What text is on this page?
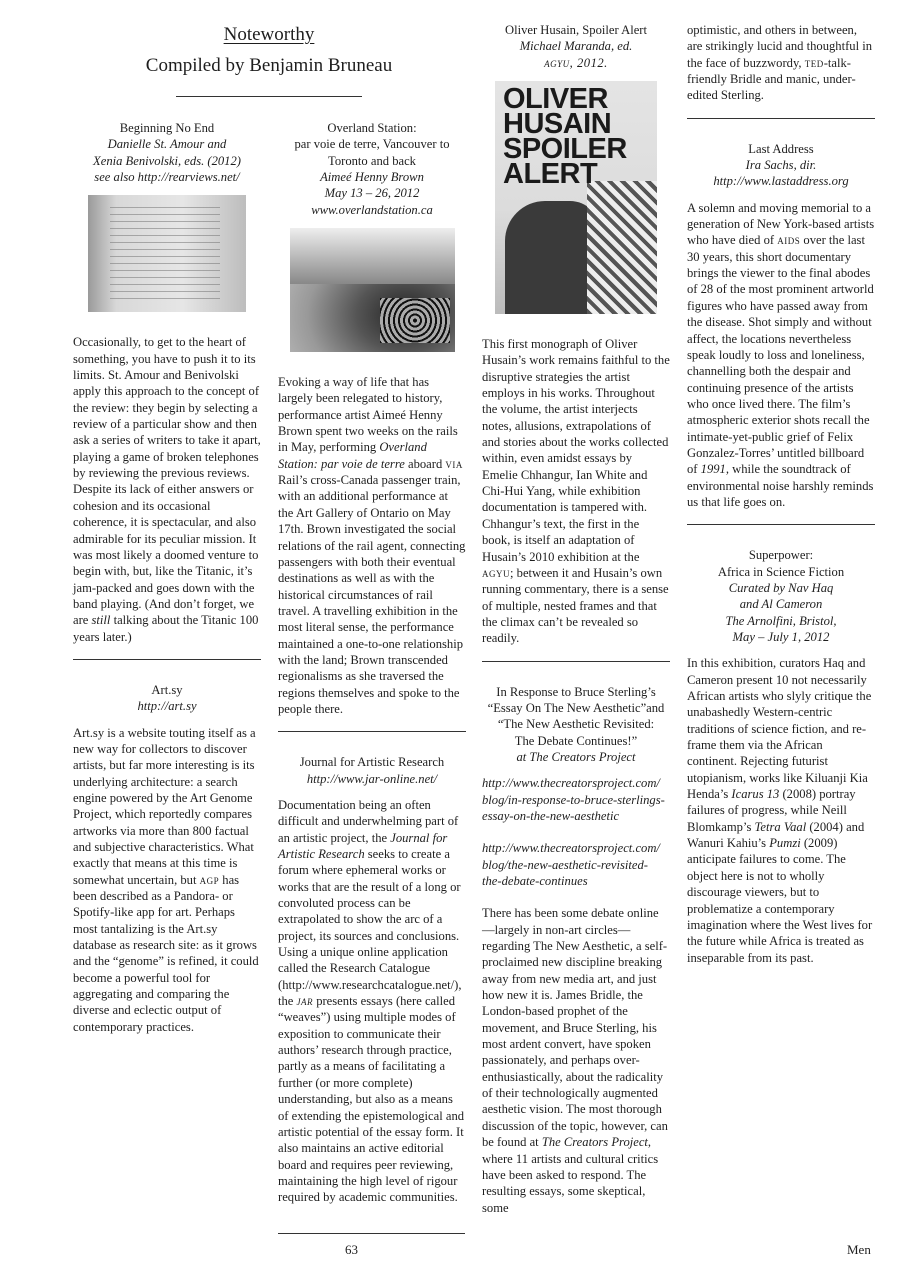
Noteworthy
Compiled by Benjamin Bruneau
Beginning No End
Danielle St. Amour and
Xenia Benivolski, eds. (2012)
see also http://rearviews.net/
Occasionally, to get to the heart of something, you have to push it to its limits. St. Amour and Benivolski apply this approach to the concept of the review: they begin by selecting a review of a particular show and then ask a series of writers to take it apart, playing a game of broken telephones by reviewing the previous reviews. Despite its lack of either answers or cohesion and its occasional coherence, it is spectacular, and also admirable for its peculiar mission. It was most likely a doomed venture to begin with, but, like the Titanic, it’s jam-packed and goes down with the band playing. (And don’t forget, we are still talking about the Titanic 100 years later.)
Art.sy
http://art.sy
Art.sy is a website touting itself as a new way for collectors to discover artists, but far more interesting is its underlying architecture: a search engine powered by the Art Genome Project, which reportedly compares artworks via more than 800 factual and subjective characteristics. What exactly that means at this time is somewhat uncertain, but agp has been described as a Pandora- or Spotify-like app for art. Perhaps most tantalizing is the Art.sy database as research site: as it grows and the “genome” is refined, it could become a powerful tool for aggregating and comparing the diverse and eclectic output of contemporary practices.
Overland Station:
par voie de terre, Vancouver to
Toronto and back
Aimeé Henny Brown
May 13 – 26, 2012
www.overlandstation.ca
Evoking a way of life that has largely been relegated to history, performance artist Aimeé Henny Brown spent two weeks on the rails in May, performing Overland Station: par voie de terre aboard via Rail’s cross-Canada passenger train, with an additional performance at the Art Gallery of Ontario on May 17th. Brown investigated the social relations of the rail agent, connecting passengers with both their eventual destinations as well as with the historical circumstances of rail travel. A travelling exhibition in the most literal sense, the performance maintained a one-to-one relationship with the land; Brown transcended regionalisms as she traversed the regions themselves and spoke to the people there.
Journal for Artistic Research
http://www.jar-online.net/
Documentation being an often difficult and underwhelming part of an artistic project, the Journal for Artistic Research seeks to create a forum where ephemeral works or works that are the result of a long or convoluted process can be extrapolated to show the arc of a project, its sources and conclusions. Using a unique online application called the Research Catalogue (http://www.researchcatalogue.net/), the jar presents essays (here called “weaves”) using multiple modes of exposition to communicate their authors’ research through practice, partly as a means of facilitating a further (or more complete) understanding, but also as a means of extending the epistemological and artistic potential of the essay form. It also maintains an active editorial board and requires peer reviewing, maintaining the high level of rigour required by academic communities.
Oliver Husain, Spoiler Alert
Michael Maranda, ed.
agyu, 2012.
OLIVER
HUSAIN
SPOILER
ALERT
This first monograph of Oliver Husain’s work remains faithful to the disruptive strategies the artist employs in his works. Throughout the volume, the artist interjects notes, allusions, extrapolations of and stories about the works collected within, even amidst essays by Emelie Chhangur, Ian White and Chi-Hui Yang, while exhibition documentation is tampered with. Chhangur’s text, the first in the book, is itself an adaptation of Husain’s 2010 exhibition at the agyu; between it and Husain’s own running commentary, there is a sense of multiple, nested frames and that the climax can’t be revealed so readily.
In Response to Bruce Sterling’s
“Essay On The New Aesthetic”and
“The New Aesthetic Revisited:
The Debate Continues!”
at The Creators Project
http://www.thecreatorsproject.com/
blog/in-response-to-bruce-sterlings-
essay-on-the-new-aesthetic
http://www.thecreatorsproject.com/
blog/the-new-aesthetic-revisited-
the-debate-continues
There has been some debate online—largely in non-art circles—regarding The New Aesthetic, a self-proclaimed new discipline breaking away from new media art, and just how new it is. James Bridle, the London-based prophet of the movement, and Bruce Sterling, his most ardent convert, have spoken passionately, and perhaps over-enthusiastically, about the radicality of their technologically augmented aesthetic vision. The most thorough discussion of the topic, however, can be found at The Creators Project, where 11 artists and cultural critics have been asked to respond. The resulting essays, some skeptical, some
optimistic, and others in between, are strikingly lucid and thoughtful in the face of buzzwordy, ted-talk-friendly Bridle and manic, under-edited Sterling.
Last Address
Ira Sachs, dir.
http://www.lastaddress.org
A solemn and moving memorial to a generation of New York-based artists who have died of aids over the last 30 years, this short documentary brings the viewer to the final abodes of 28 of the most prominent artworld figures who have passed away from the disease. Shot simply and without affect, the locations nevertheless speak loudly to loss and loneliness, channelling both the despair and continuing presence of the artists who once lived there. The film’s atmospheric exterior shots recall the intimate-yet-public grief of Felix Gonzalez-Torres’ untitled billboard of 1991, while the soundtrack of environmental noise harshly reminds us that life goes on.
Superpower:
Africa in Science Fiction
Curated by Nav Haq
and Al Cameron
The Arnolfini, Bristol,
May – July 1, 2012
In this exhibition, curators Haq and Cameron present 10 not necessarily African artists who slyly critique the unabashedly Western-centric traditions of science fiction, and re-frame them via the African continent. Rejecting futurist utopianism, works like Kiluanji Kia Henda’s Icarus 13 (2008) portray failures of progress, while Neill Blomkamp’s Tetra Vaal (2004) and Wanuri Kahiu’s Pumzi (2009) anticipate failures to come. The object here is not to wholly discourage viewers, but to problematize a contemporary imagination where the West lives for the future while Africa is treated as inseparable from its past.
63	Men
